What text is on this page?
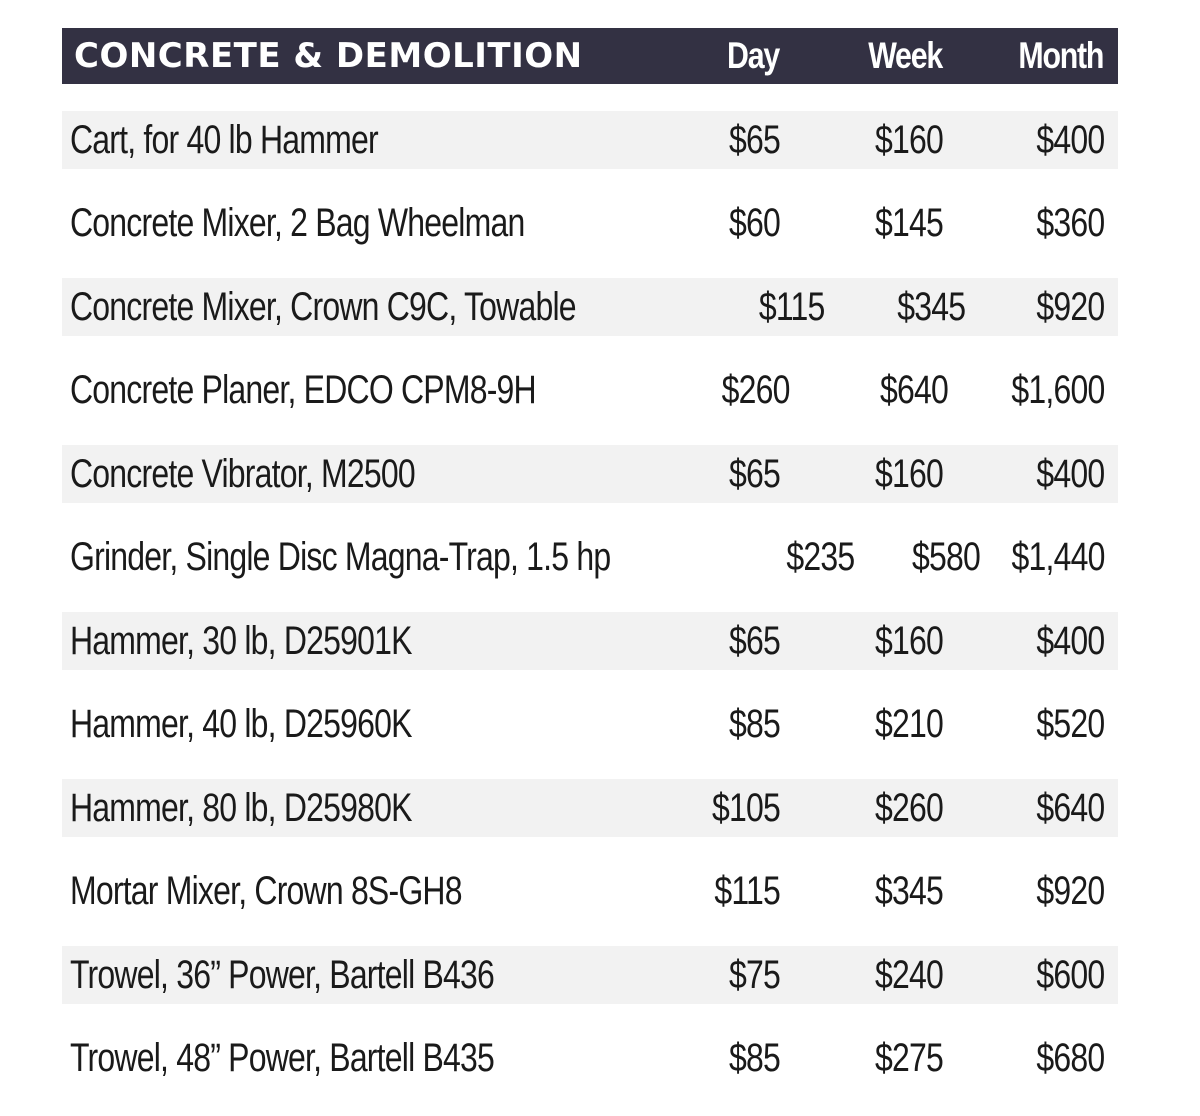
CONCRETE & DEMOLITION	Day	Week	Month
Cart, for 40 lb Hammer	$65	$160	$400
Concrete Mixer, 2 Bag Wheelman	$60	$145	$360
Concrete Mixer, Crown C9C, Towable	$115	$345	$920
Concrete Planer, EDCO CPM8-9H	$260	$640	$1,600
Concrete Vibrator, M2500	$65	$160	$400
Grinder, Single Disc Magna-Trap, 1.5 hp	$235	$580 $1,440
Hammer, 30 lb, D25901K	$65	$160	$400
Hammer, 40 lb, D25960K	$85	$210	$520
Hammer, 80 lb, D25980K	$105	$260	$640
Mortar Mixer, Crown 8S-GH8	$115	$345	$920
Trowel, 36” Power, Bartell B436	$75	$240	$600
Trowel, 48” Power, Bartell B435	$85	$275	$680
